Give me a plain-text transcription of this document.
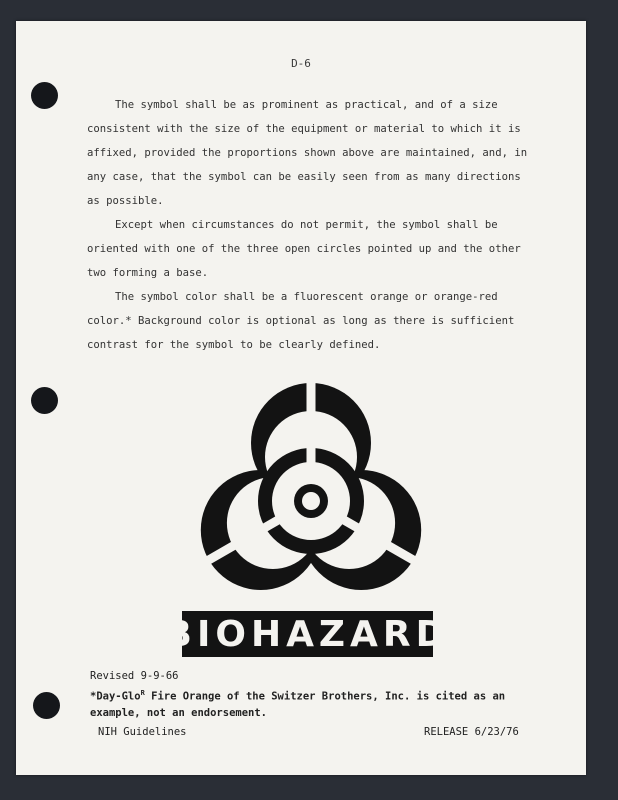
D-6

The symbol shall be as prominent as practical, and of a size consistent with the size of the equipment or material to which it is affixed, provided the proportions shown above are maintained, and, in any case, that the symbol can be easily seen from as many directions as possible.

Except when circumstances do not permit, the symbol shall be oriented with one of the three open circles pointed up and the other two forming a base.

The symbol color shall be a fluorescent orange or orange-red color.* Background color is optional as long as there is sufficient contrast for the symbol to be clearly defined.

BIOHAZARD
Revised 9-9-66
*Day-Glo$^R$ Fire Orange of the Switzer Brothers, Inc. is cited as an example, not an endorsement.
NIH Guidelines	RELEASE 6/23/76
